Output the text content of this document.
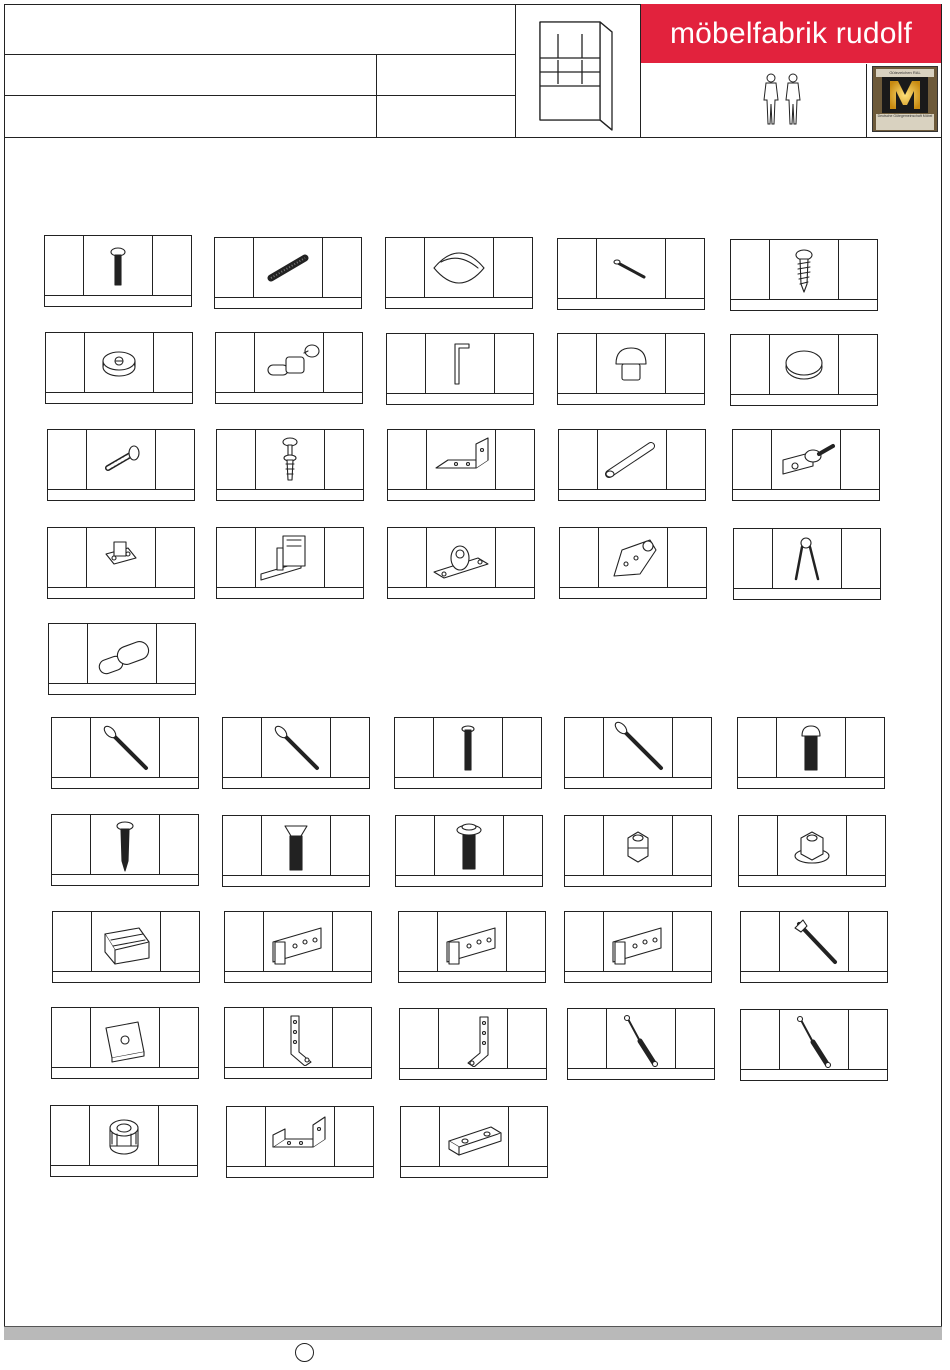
möbelfabrik rudolf
Gütezeichen RAL
Deutsche Gütegemeinschaft Möbel
